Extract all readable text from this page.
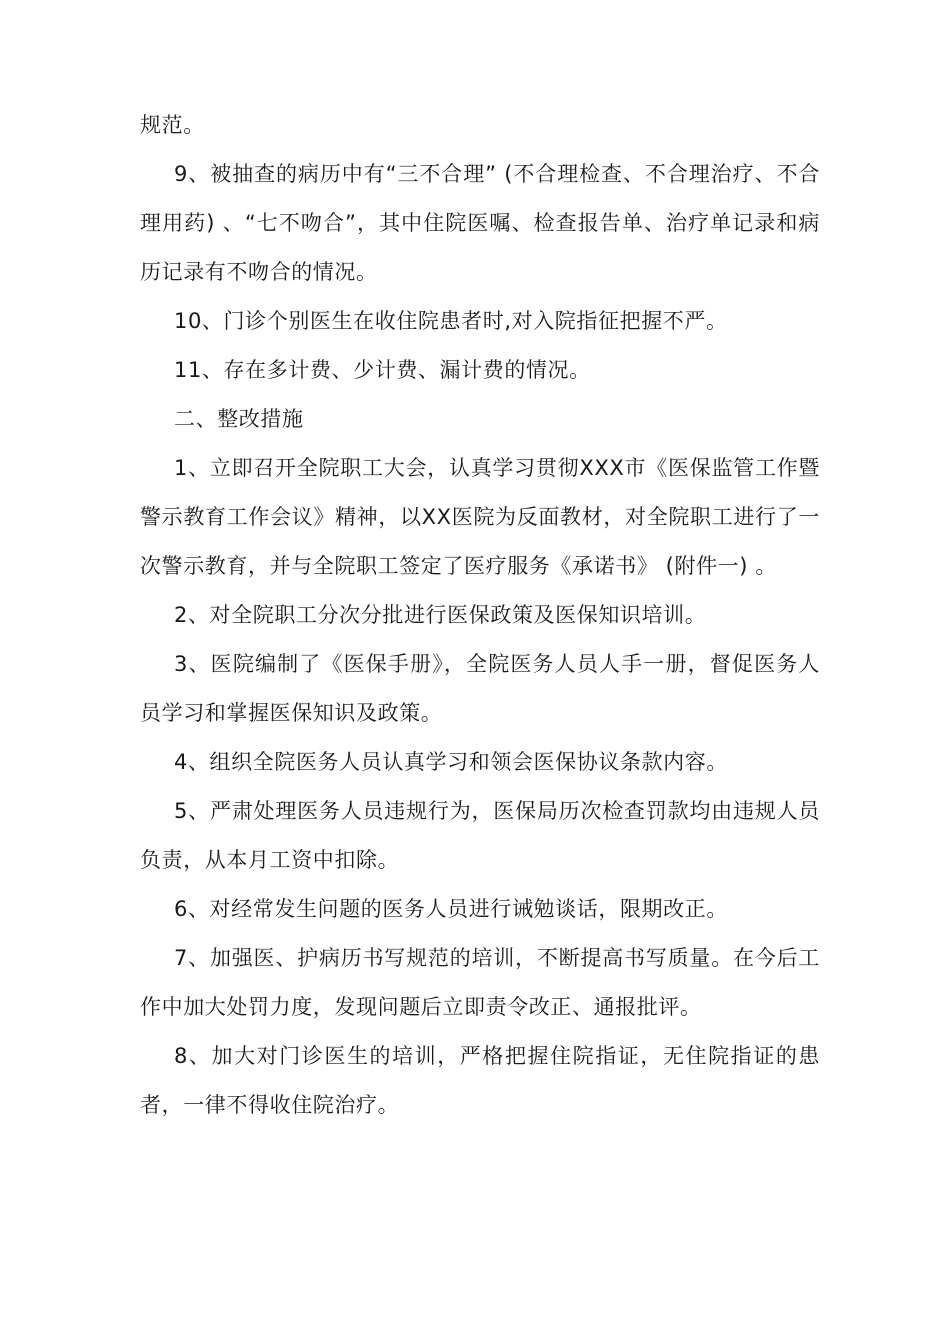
规范。

9、被抽查的病历中有“三不合理” (不合理检查、不合理治疗、不合理用药) 、“七不吻合”，其中住院医嘱、检查报告单、治疗单记录和病历记录有不吻合的情况。

10、门诊个别医生在收住院患者时,对入院指征把握不严。

11、存在多计费、少计费、漏计费的情况。

二、整改措施

1、立即召开全院职工大会，认真学习贯彻XXX市《医保监管工作暨警示教育工作会议》精神，以XX医院为反面教材，对全院职工进行了一次警示教育，并与全院职工签定了医疗服务《承诺书》 (附件一) 。

2、对全院职工分次分批进行医保政策及医保知识培训。

3、医院编制了《医保手册》，全院医务人员人手一册，督促医务人员学习和掌握医保知识及政策。

4、组织全院医务人员认真学习和领会医保协议条款内容。

5、严肃处理医务人员违规行为，医保局历次检查罚款均由违规人员负责，从本月工资中扣除。

6、对经常发生问题的医务人员进行诫勉谈话，限期改正。

7、加强医、护病历书写规范的培训，不断提高书写质量。在今后工作中加大处罚力度，发现问题后立即责令改正、通报批评。

8、加大对门诊医生的培训，严格把握住院指证，无住院指证的患者，一律不得收住院治疗。
